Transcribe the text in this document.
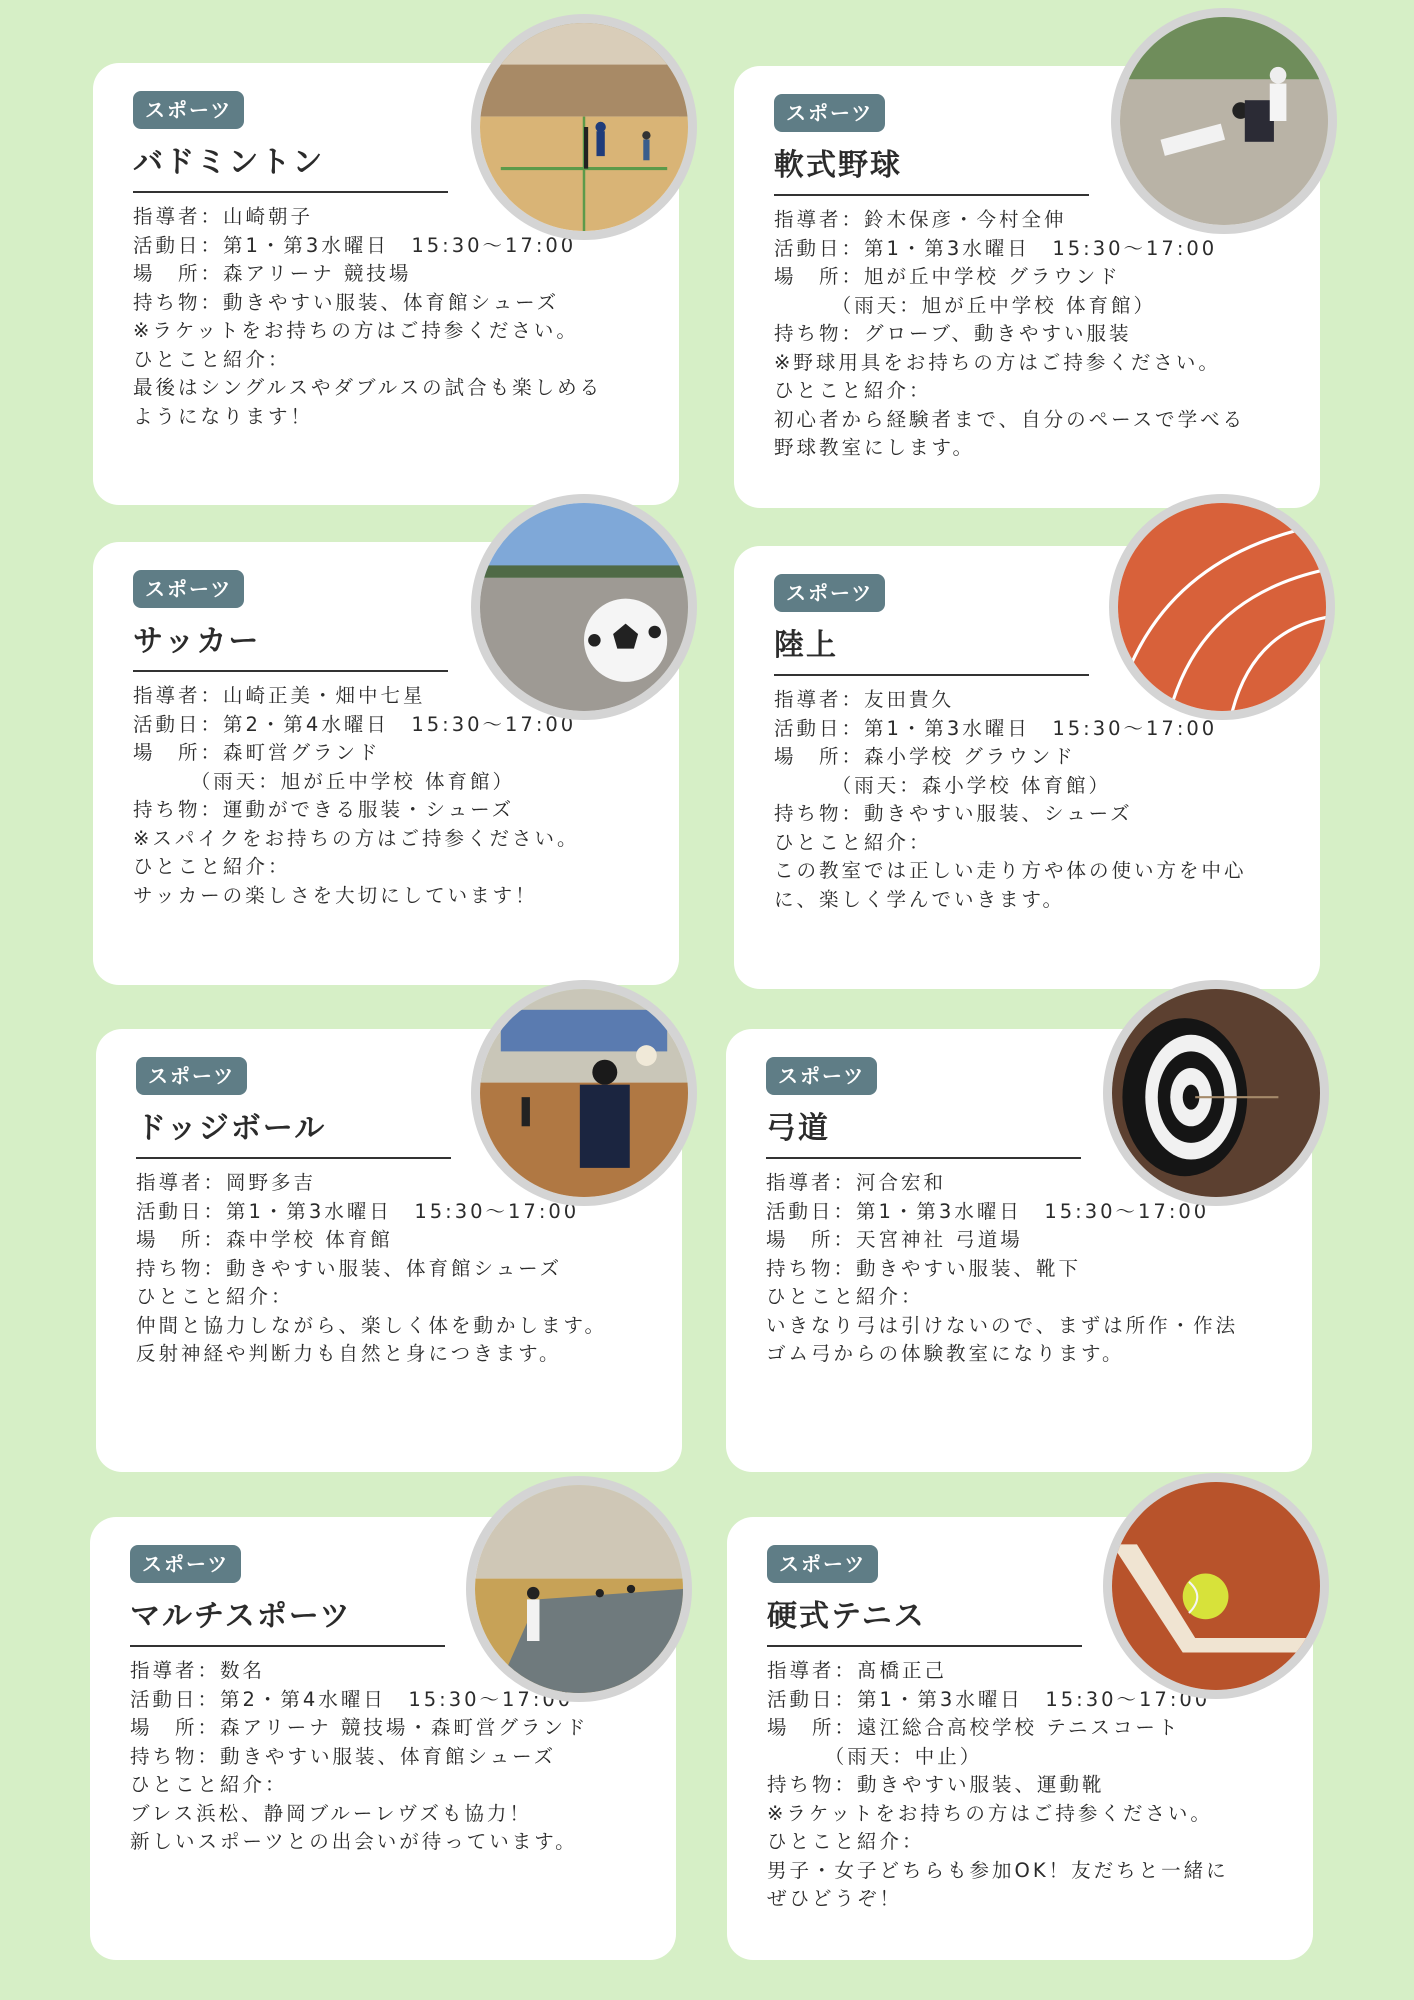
スポーツ
バドミントン
指導者：山崎朝子
活動日：第1・第3水曜日　15:30～17:00
場　所：森アリーナ 競技場
持ち物：動きやすい服装、体育館シューズ
※ラケットをお持ちの方はご持参ください。
ひとこと紹介：
最後はシングルスやダブルスの試合も楽しめる
ようになります！
スポーツ
軟式野球
指導者：鈴木保彦・今村全伸
活動日：第1・第3水曜日　15:30～17:00
場　所：旭が丘中学校 グラウンド
　　　（雨天：旭が丘中学校 体育館）
持ち物：グローブ、動きやすい服装
※野球用具をお持ちの方はご持参ください。
ひとこと紹介：
初心者から経験者まで、自分のペースで学べる
野球教室にします。
スポーツ
サッカー
指導者：山崎正美・畑中七星
活動日：第2・第4水曜日　15:30～17:00
場　所：森町営グランド
　　　（雨天：旭が丘中学校 体育館）
持ち物：運動ができる服装・シューズ
※スパイクをお持ちの方はご持参ください。
ひとこと紹介：
サッカーの楽しさを大切にしています！
スポーツ
陸上
指導者：友田貴久
活動日：第1・第3水曜日　15:30～17:00
場　所：森小学校 グラウンド
　　　（雨天：森小学校 体育館）
持ち物：動きやすい服装、シューズ
ひとこと紹介：
この教室では正しい走り方や体の使い方を中心
に、楽しく学んでいきます。
スポーツ
ドッジボール
指導者：岡野多吉
活動日：第1・第3水曜日　15:30～17:00
場　所：森中学校 体育館
持ち物：動きやすい服装、体育館シューズ
ひとこと紹介：
仲間と協力しながら、楽しく体を動かします。
反射神経や判断力も自然と身につきます。
スポーツ
弓道
指導者：河合宏和
活動日：第1・第3水曜日　15:30～17:00
場　所：天宮神社 弓道場
持ち物：動きやすい服装、靴下
ひとこと紹介：
いきなり弓は引けないので、まずは所作・作法
ゴム弓からの体験教室になります。
スポーツ
マルチスポーツ
指導者：数名
活動日：第2・第4水曜日　15:30～17:00
場　所：森アリーナ 競技場・森町営グランド
持ち物：動きやすい服装、体育館シューズ
ひとこと紹介：
ブレス浜松、静岡ブルーレヴズも協力！
新しいスポーツとの出会いが待っています。
スポーツ
硬式テニス
指導者：髙橋正己
活動日：第1・第3水曜日　15:30～17:00
場　所：遠江総合高校学校 テニスコート
　　　（雨天：中止）
持ち物：動きやすい服装、運動靴
※ラケットをお持ちの方はご持参ください。
ひとこと紹介：
男子・女子どちらも参加OK！友だちと一緒に
ぜひどうぞ！
